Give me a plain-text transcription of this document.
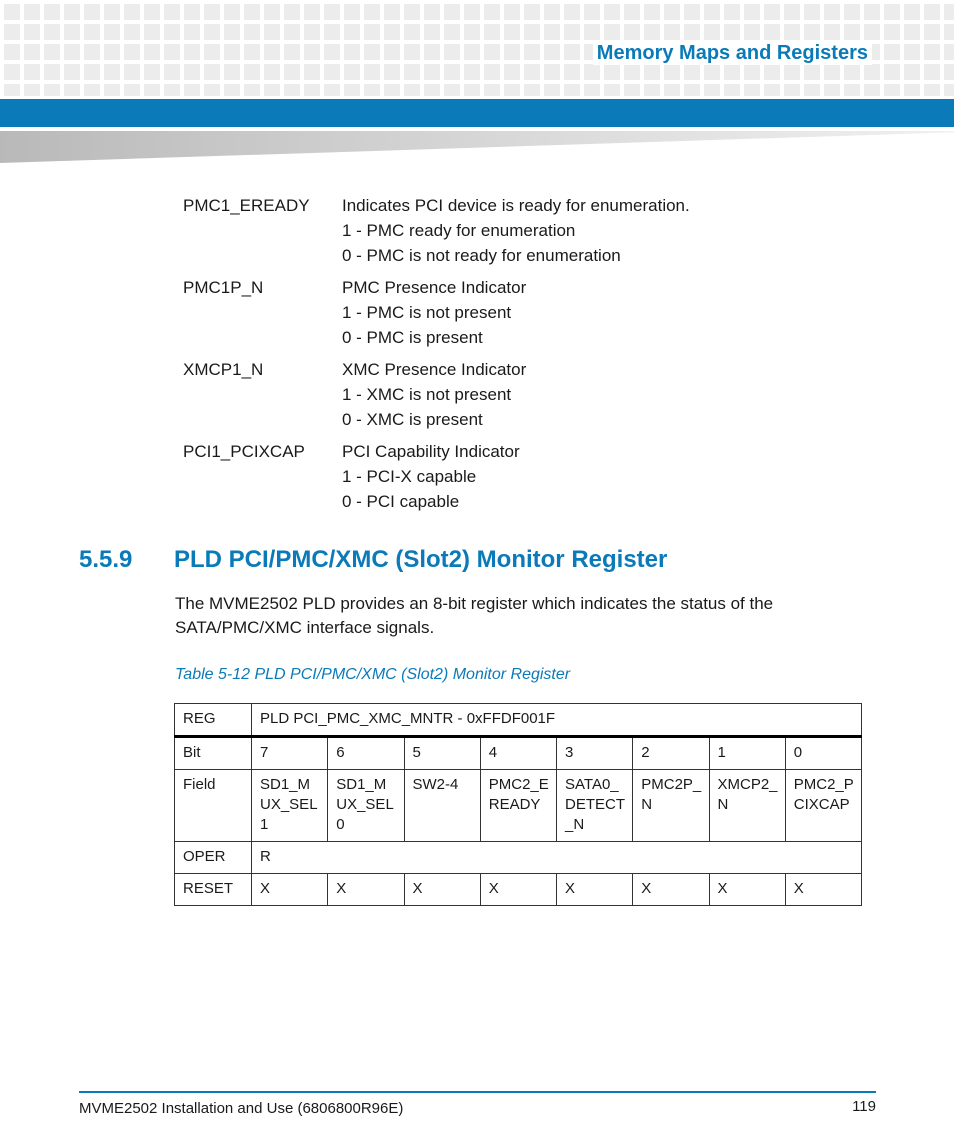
Memory Maps and Registers
PMC1_EREADY	Indicates PCI device is ready for enumeration.
1 - PMC ready for enumeration
0 - PMC is not ready for enumeration
PMC1P_N	PMC Presence Indicator
1 - PMC is not present
0 - PMC is present
XMCP1_N	XMC Presence Indicator
1 - XMC is not present
0 - XMC is present
PCI1_PCIXCAP	PCI Capability Indicator
1 - PCI-X capable
0 - PCI capable
5.5.9 PLD PCI/PMC/XMC (Slot2) Monitor Register
The MVME2502 PLD provides an 8-bit register which indicates the status of the SATA/PMC/XMC interface signals.
Table 5-12 PLD PCI/PMC/XMC (Slot2) Monitor Register
REG	PLD PCI_PMC_XMC_MNTR - 0xFFDF001F							
Bit	7	6	5	4	3	2	1	0
Field	SD1_MUX_SEL1	SD1_MUX_SEL0	SW2-4	PMC2_EREADY	SATA0_DETECT_N	PMC2P_N	XMCP2_N	PMC2_PCIXCAP
OPER	R							
RESET	X	X	X	X	X	X	X	X
MVME2502 Installation and Use (6806800R96E)	119
